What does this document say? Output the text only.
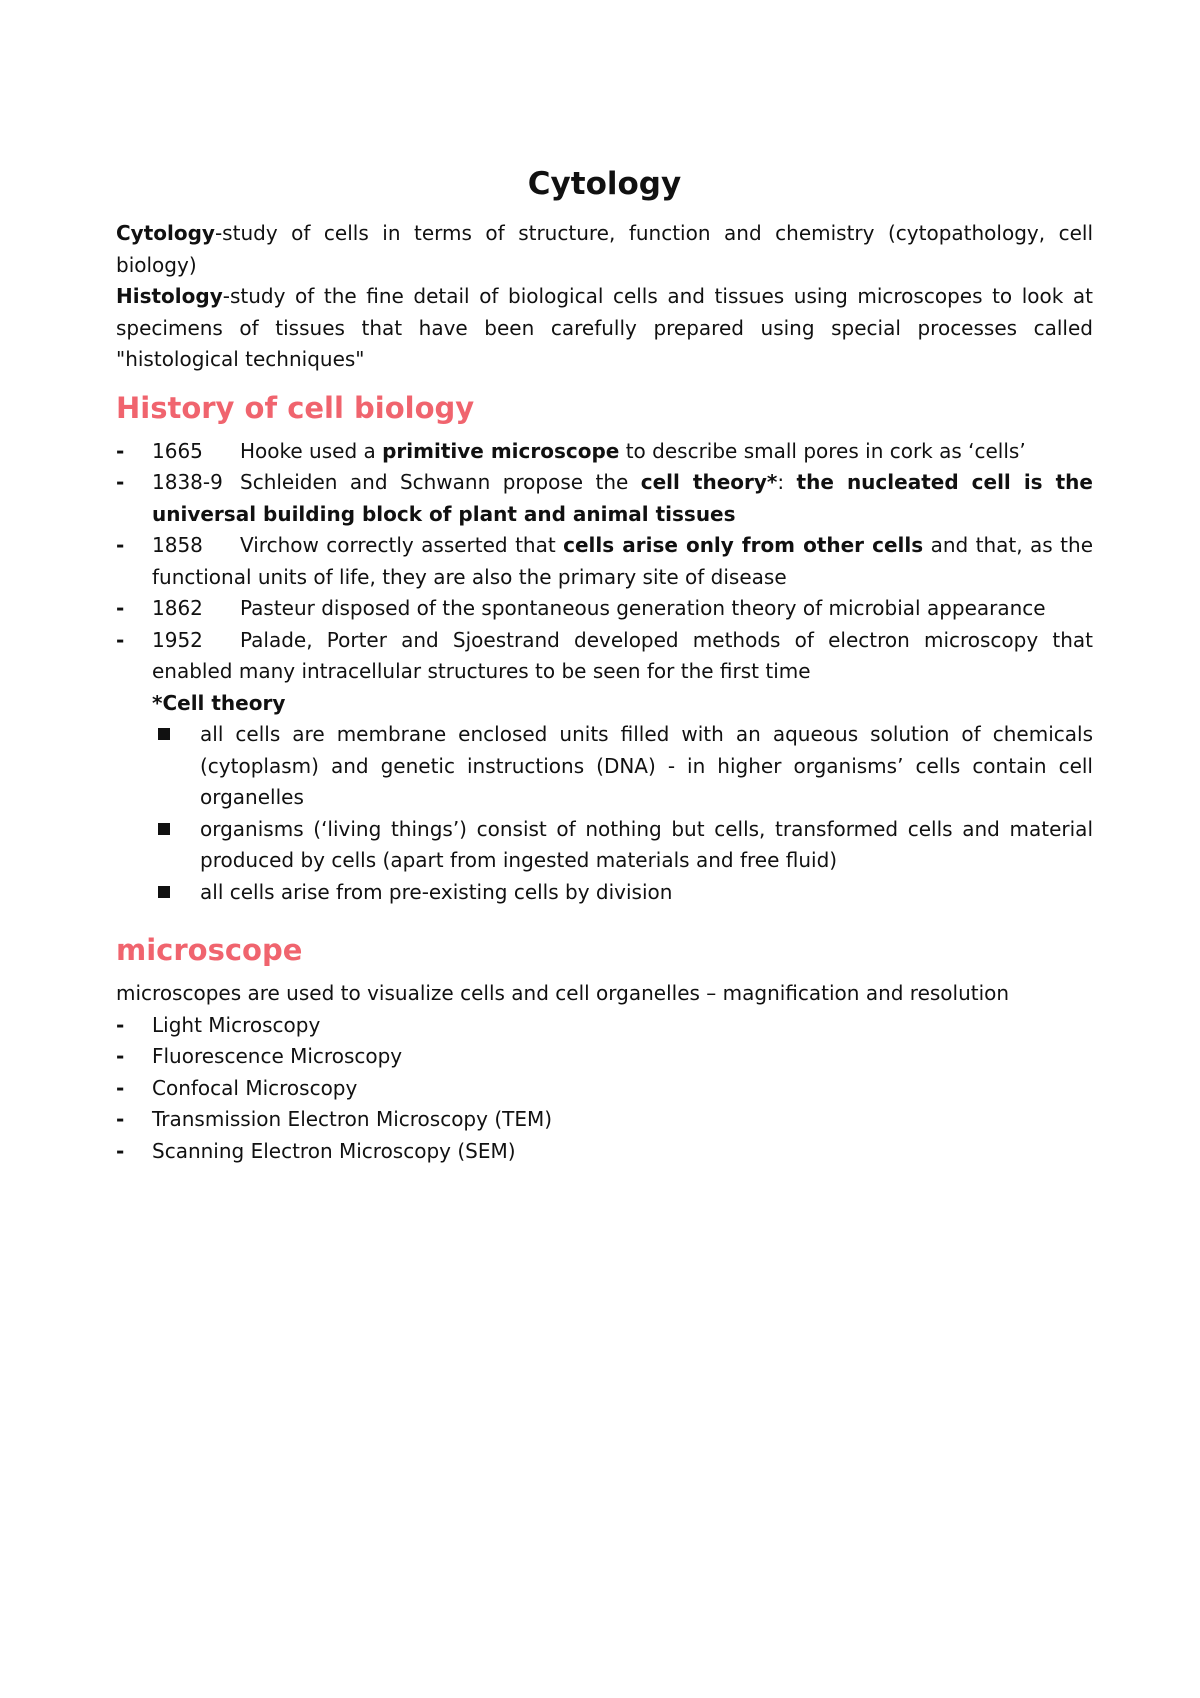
Cytology

Cytology-study of cells in terms of structure, function and chemistry (cytopathology, cell biology)

Histology-study of the fine detail of biological cells and tissues using microscopes to look at specimens of tissues that have been carefully prepared using special processes called "histological techniques"

History of cell biology
- 1665 Hooke used a primitive microscope to describe small pores in cork as ‘cells’
- 1838-9 Schleiden and Schwann propose the cell theory*: the nucleated cell is the universal building block of plant and animal tissues
- 1858 Virchow correctly asserted that cells arise only from other cells and that, as the functional units of life, they are also the primary site of disease
- 1862 Pasteur disposed of the spontaneous generation theory of microbial appearance
- 1952 Palade, Porter and Sjoestrand developed methods of electron microscopy that enabled many intracellular structures to be seen for the first time
*Cell theory
all cells are membrane enclosed units filled with an aqueous solution of chemicals (cytoplasm) and genetic instructions (DNA) - in higher organisms’ cells contain cell organelles
organisms (‘living things’) consist of nothing but cells, transformed cells and material produced by cells (apart from ingested materials and free fluid)
all cells arise from pre-existing cells by division
microscope

microscopes are used to visualize cells and cell organelles – magnification and resolution

- Light Microscopy
- Fluorescence Microscopy
- Confocal Microscopy
- Transmission Electron Microscopy (TEM)
- Scanning Electron Microscopy (SEM)
